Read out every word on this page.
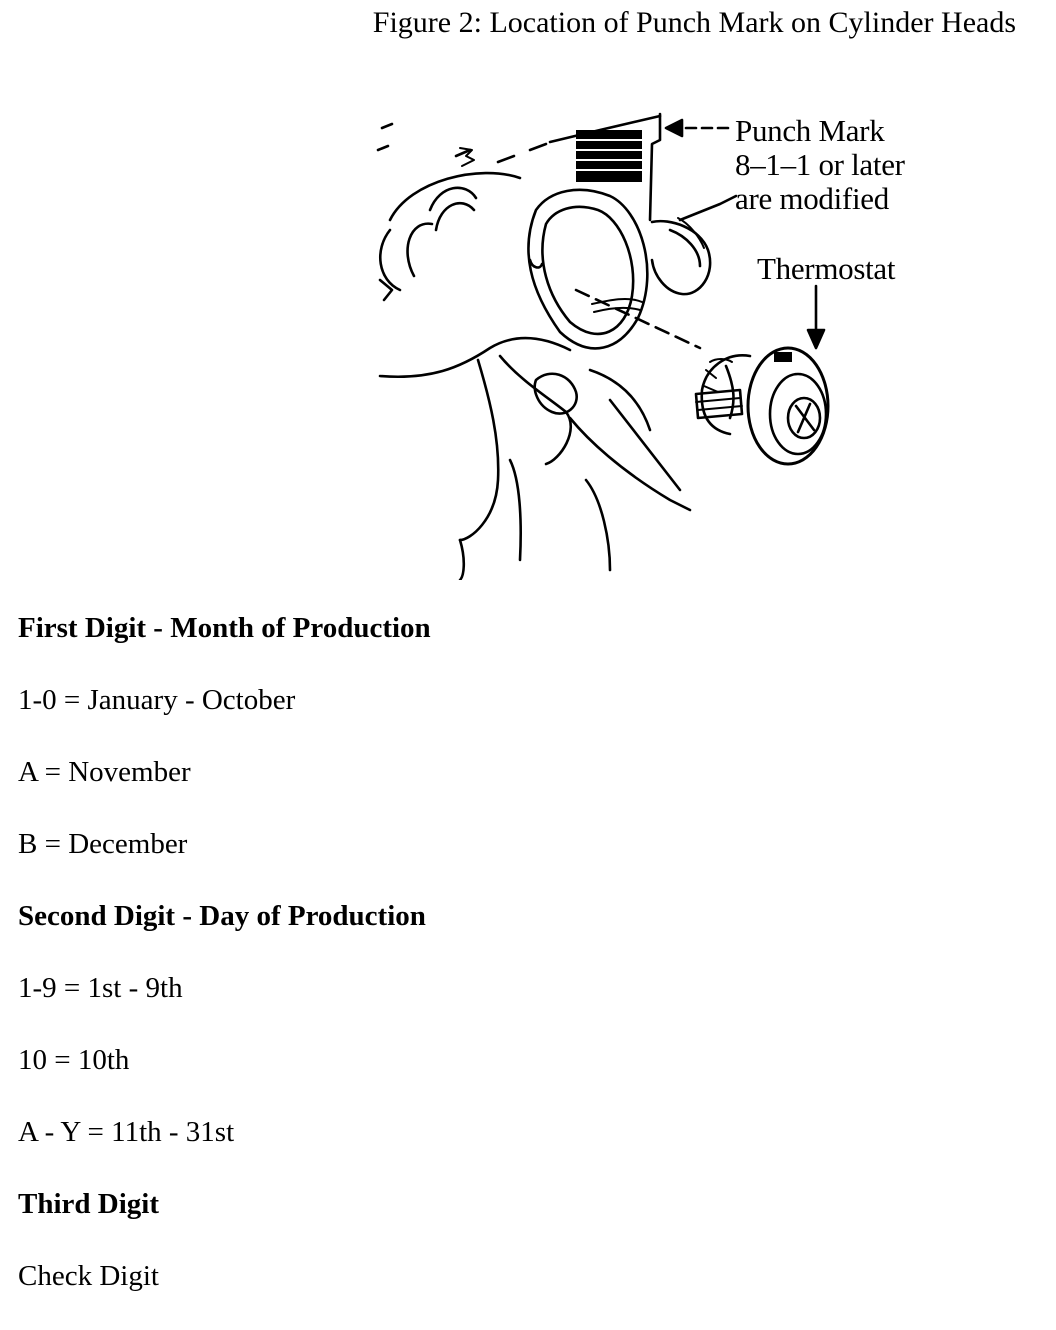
Figure 2: Location of Punch Mark on Cylinder Heads
Punch Mark
8–1–1 or later
are modified
Thermostat
First Digit - Month of Production
1-0 = January - October
A = November
B = December
Second Digit - Day of Production
1-9 = 1st - 9th
10 = 10th
A - Y = 11th - 31st
Third Digit
Check Digit
